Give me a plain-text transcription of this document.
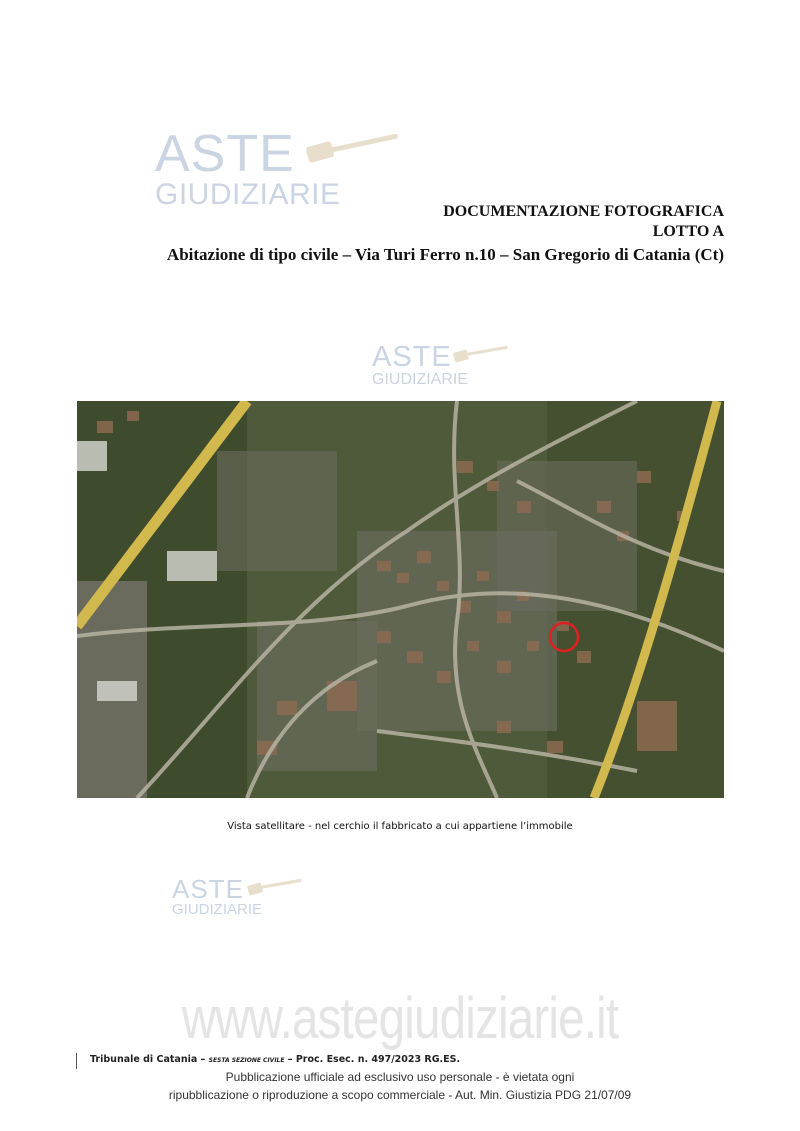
ASTE
GIUDIZIARIE
ASTE
GIUDIZIARIE
ASTE
GIUDIZIARIE
DOCUMENTAZIONE FOTOGRAFICA
LOTTO A
Abitazione di tipo civile – Via Turi Ferro n.10 – San Gregorio di Catania (Ct)
Vista satellitare - nel cerchio il fabbricato a cui appartiene l’immobile
www.astegiudiziarie.it
Tribunale di Catania – SESTA SEZIONE CIVILE – Proc. Esec. n. 497/2023 RG.ES.
Pubblicazione ufficiale ad esclusivo uso personale - è vietata ogni
ripubblicazione o riproduzione a scopo commerciale - Aut. Min. Giustizia PDG 21/07/09
